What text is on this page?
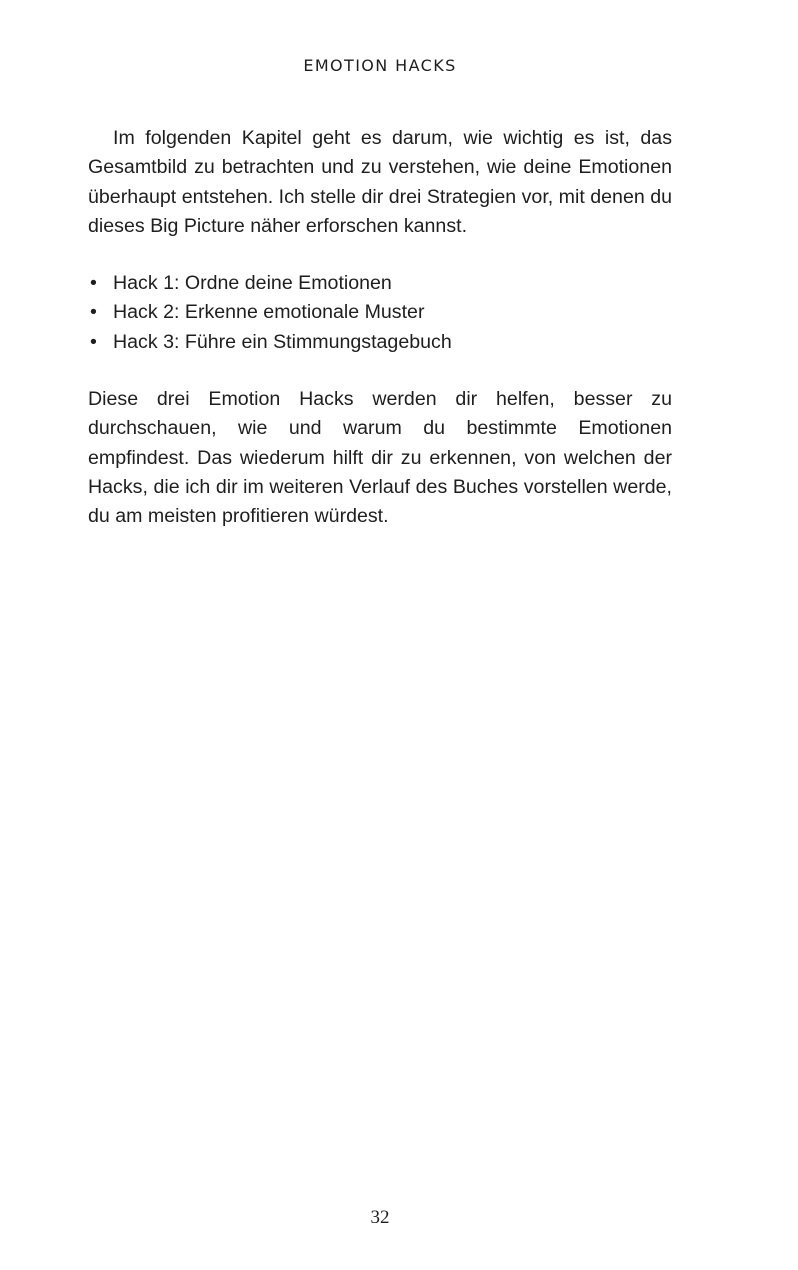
EMOTION HACKS

Im folgenden Kapitel geht es darum, wie wichtig es ist, das Gesamtbild zu betrachten und zu verstehen, wie deine Emotionen überhaupt entstehen. Ich stelle dir drei Strategien vor, mit denen du dieses Big Picture näher erforschen kannst.

• Hack 1: Ordne deine Emotionen
• Hack 2: Erkenne emotionale Muster
• Hack 3: Führe ein Stimmungstagebuch

Diese drei Emotion Hacks werden dir helfen, besser zu durchschauen, wie und warum du bestimmte Emotionen empfindest. Das wiederum hilft dir zu erkennen, von welchen der Hacks, die ich dir im weiteren Verlauf des Buches vorstellen werde, du am meisten profitieren würdest.

32
